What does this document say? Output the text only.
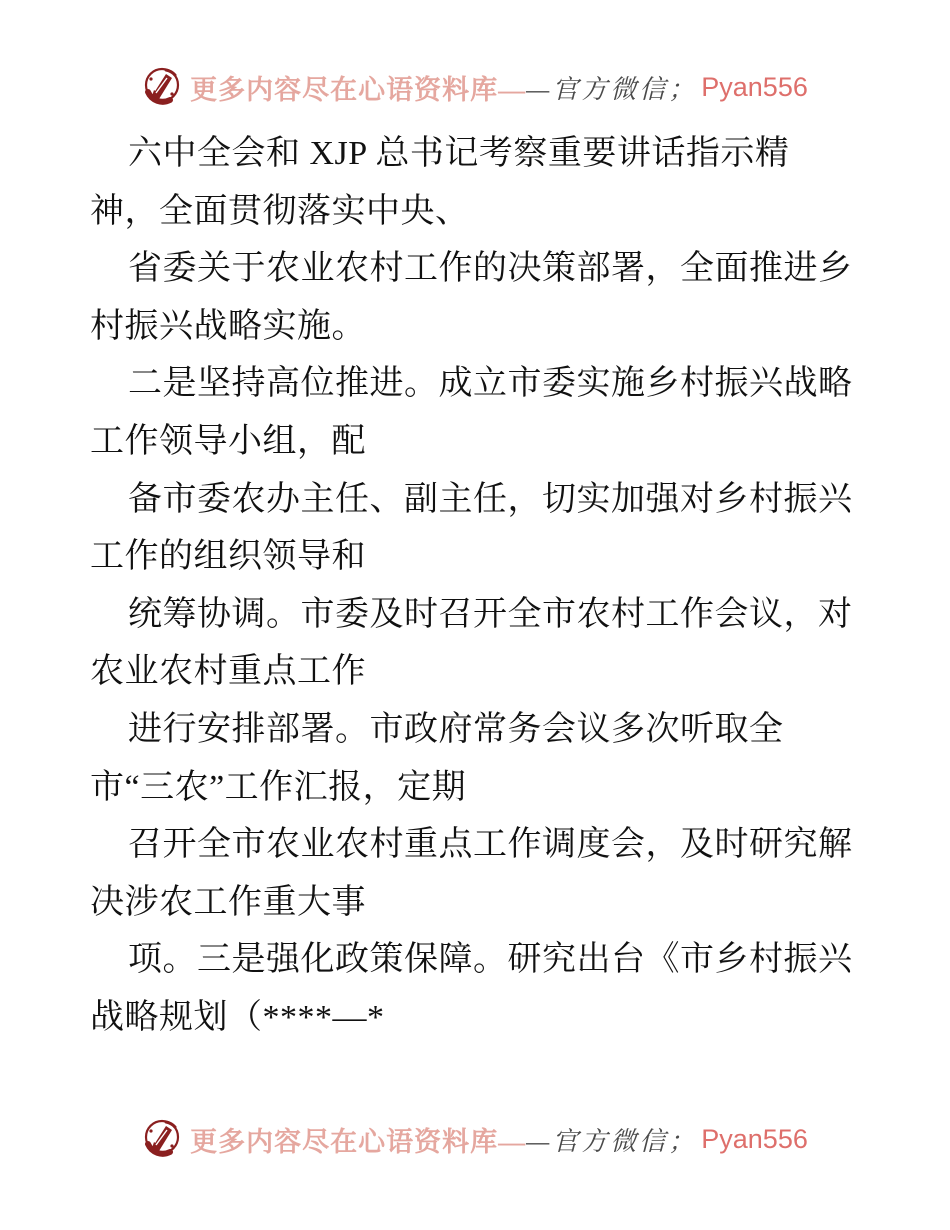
更多内容尽在心语资料库— —官方微信； Pyan556
六中全会和 XJP 总书记考察重要讲话指示精
神，全面贯彻落实中央、
省委关于农业农村工作的决策部署，全面推进乡
村振兴战略实施。
二是坚持高位推进。成立市委实施乡村振兴战略
工作领导小组，配
备市委农办主任、副主任，切实加强对乡村振兴
工作的组织领导和
统筹协调。市委及时召开全市农村工作会议，对
农业农村重点工作
进行安排部署。市政府常务会议多次听取全
市“三农”工作汇报，定期
召开全市农业农村重点工作调度会，及时研究解
决涉农工作重大事
项。三是强化政策保障。研究出台《市乡村振兴
战略规划（****—*
更多内容尽在心语资料库— —官方微信； Pyan556
